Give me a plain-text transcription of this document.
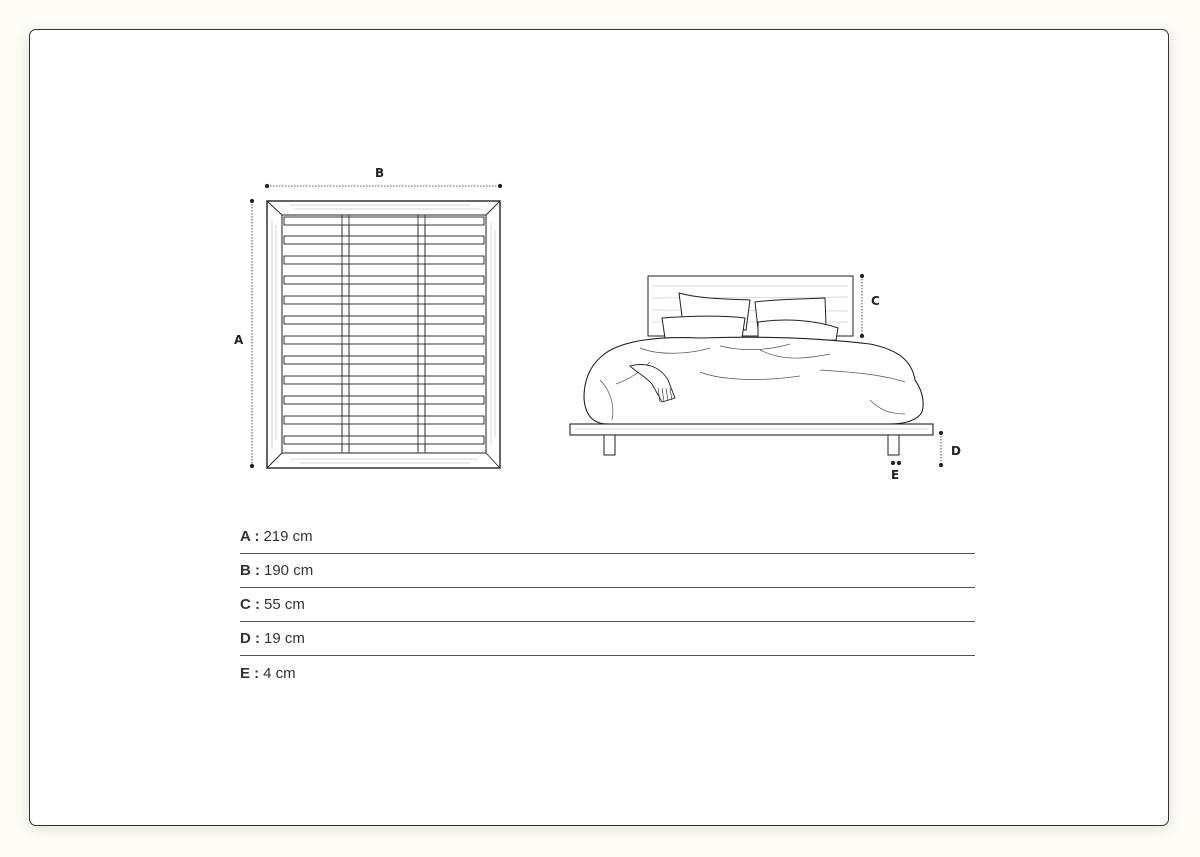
B
A
C
D
E
A : 219 cm
B : 190 cm
C : 55 cm
D : 19 cm
E : 4 cm
